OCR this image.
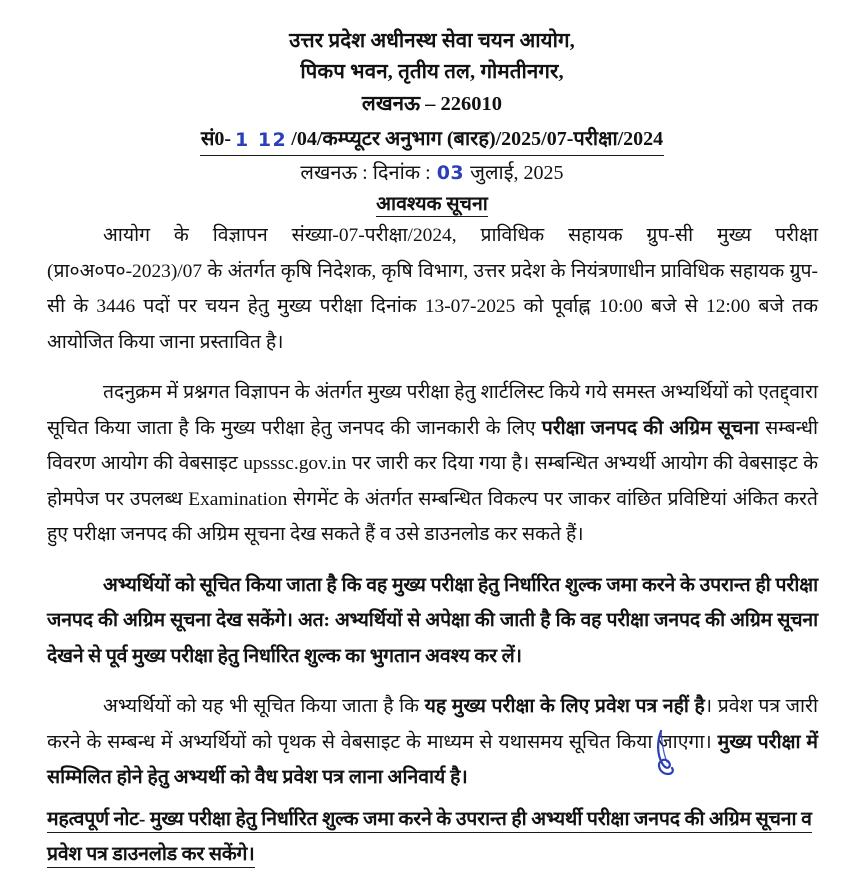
उत्तर प्रदेश अधीनस्थ सेवा चयन आयोग,
पिकप भवन, तृतीय तल, गोमतीनगर,
लखनऊ – 226010
सं0- 1 12 /04/कम्प्यूटर अनुभाग (बारह)/2025/07-परीक्षा/2024
लखनऊ : दिनांक : 03 जुलाई, 2025
आवश्यक सूचना

आयोग के विज्ञापन संख्या-07-परीक्षा/2024, प्राविधिक सहायक ग्रुप-सी मुख्य परीक्षा (प्रा०अ०प०-2023)/07 के अंतर्गत कृषि निदेशक, कृषि विभाग, उत्तर प्रदेश के नियंत्रणाधीन प्राविधिक सहायक ग्रुप-सी के 3446 पदों पर चयन हेतु मुख्य परीक्षा दिनांक 13-07-2025 को पूर्वाह्न 10:00 बजे से 12:00 बजे तक आयोजित किया जाना प्रस्तावित है।

तदनुक्रम में प्रश्नगत विज्ञापन के अंतर्गत मुख्य परीक्षा हेतु शार्टलिस्ट किये गये समस्त अभ्यर्थियों को एतद्द्वारा सूचित किया जाता है कि मुख्य परीक्षा हेतु जनपद की जानकारी के लिए परीक्षा जनपद की अग्रिम सूचना सम्बन्धी विवरण आयोग की वेबसाइट upsssc.gov.in पर जारी कर दिया गया है। सम्बन्धित अभ्यर्थी आयोग की वेबसाइट के होमपेज पर उपलब्ध Examination सेगमेंट के अंतर्गत सम्बन्धित विकल्प पर जाकर वांछित प्रविष्टियां अंकित करते हुए परीक्षा जनपद की अग्रिम सूचना देख सकते हैं व उसे डाउनलोड कर सकते हैं।

अभ्यर्थियों को सूचित किया जाता है कि वह मुख्य परीक्षा हेतु निर्धारित शुल्क जमा करने के उपरान्त ही परीक्षा जनपद की अग्रिम सूचना देख सकेंगे। अत: अभ्यर्थियों से अपेक्षा की जाती है कि वह परीक्षा जनपद की अग्रिम सूचना देखने से पूर्व मुख्य परीक्षा हेतु निर्धारित शुल्क का भुगतान अवश्य कर लें।

अभ्यर्थियों को यह भी सूचित किया जाता है कि यह मुख्य परीक्षा के लिए प्रवेश पत्र नहीं है। प्रवेश पत्र जारी करने के सम्बन्ध में अभ्यर्थियों को पृथक से वेबसाइट के माध्यम से यथासमय सूचित किया जाएगा। मुख्य परीक्षा में सम्मिलित होने हेतु अभ्यर्थी को वैध प्रवेश पत्र लाना अनिवार्य है।

महत्वपूर्ण नोट- मुख्य परीक्षा हेतु निर्धारित शुल्क जमा करने के उपरान्त ही अभ्यर्थी परीक्षा जनपद की अग्रिम सूचना व प्रवेश पत्र डाउनलोड कर सकेंगे।
